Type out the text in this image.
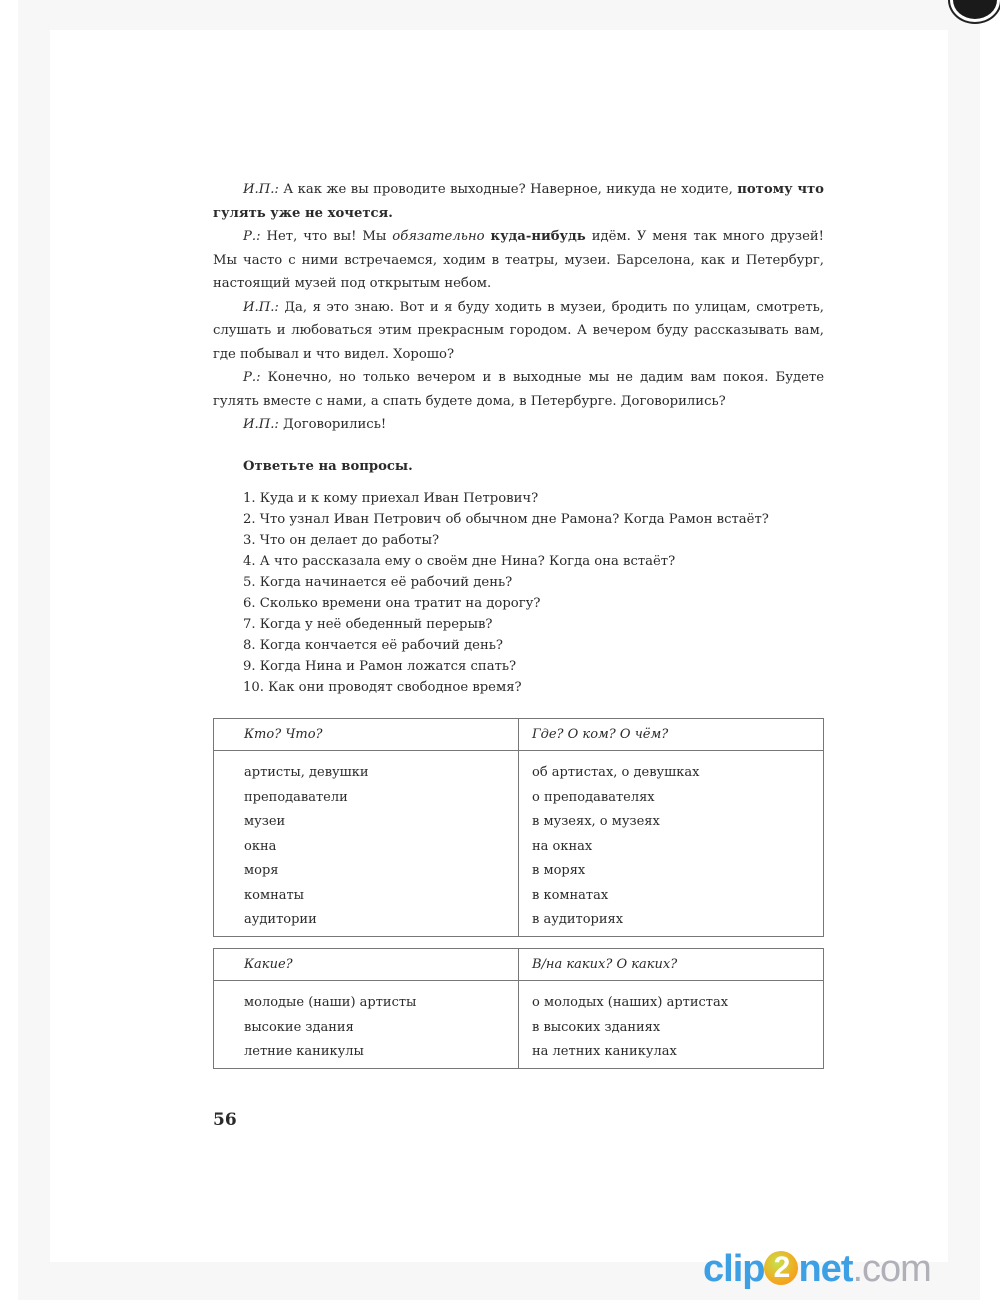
И.П.: А как же вы проводите выходные? Наверное, никуда не ходите, потому что гулять уже не хочется.

Р.: Нет, что вы! Мы обязательно куда-нибудь идём. У меня так много друзей! Мы часто с ними встречаемся, ходим в театры, музеи. Барселона, как и Петербург, настоящий музей под открытым небом.

И.П.: Да, я это знаю. Вот и я буду ходить в музеи, бродить по улицам, смотреть, слушать и любоваться этим прекрасным городом. А вечером буду рассказывать вам, где побывал и что видел. Хорошо?

Р.: Конечно, но только вечером и в выходные мы не дадим вам покоя. Будете гулять вместе с нами, а спать будете дома, в Петербурге. Договорились?

И.П.: Договорились!

Ответьте на вопросы.

1. Куда и к кому приехал Иван Петрович?
2. Что узнал Иван Петрович об обычном дне Рамона? Когда Рамон встаёт?
3. Что он делает до работы?
4. А что рассказала ему о своём дне Нина? Когда она встаёт?
5. Когда начинается её рабочий день?
6. Сколько времени она тратит на дорогу?
7. Когда у неё обеденный перерыв?
8. Когда кончается её рабочий день?
9. Когда Нина и Рамон ложатся спать?
10. Как они проводят свободное время?
Кто? Что?	Где? О ком? О чём?
артисты, девушки	об артистах, о девушках
преподаватели	о преподавателях
музеи	в музеях, о музеях
окна	на окнах
моря	в морях
комнаты	в комнатах
аудитории	в аудиториях
Какие?	В/на каких? О каких?
молодые (наши) артисты	о молодых (наших) артистах
высокие здания	в высоких зданиях
летние каникулы	на летних каникулах
56
clip 2 net.com
